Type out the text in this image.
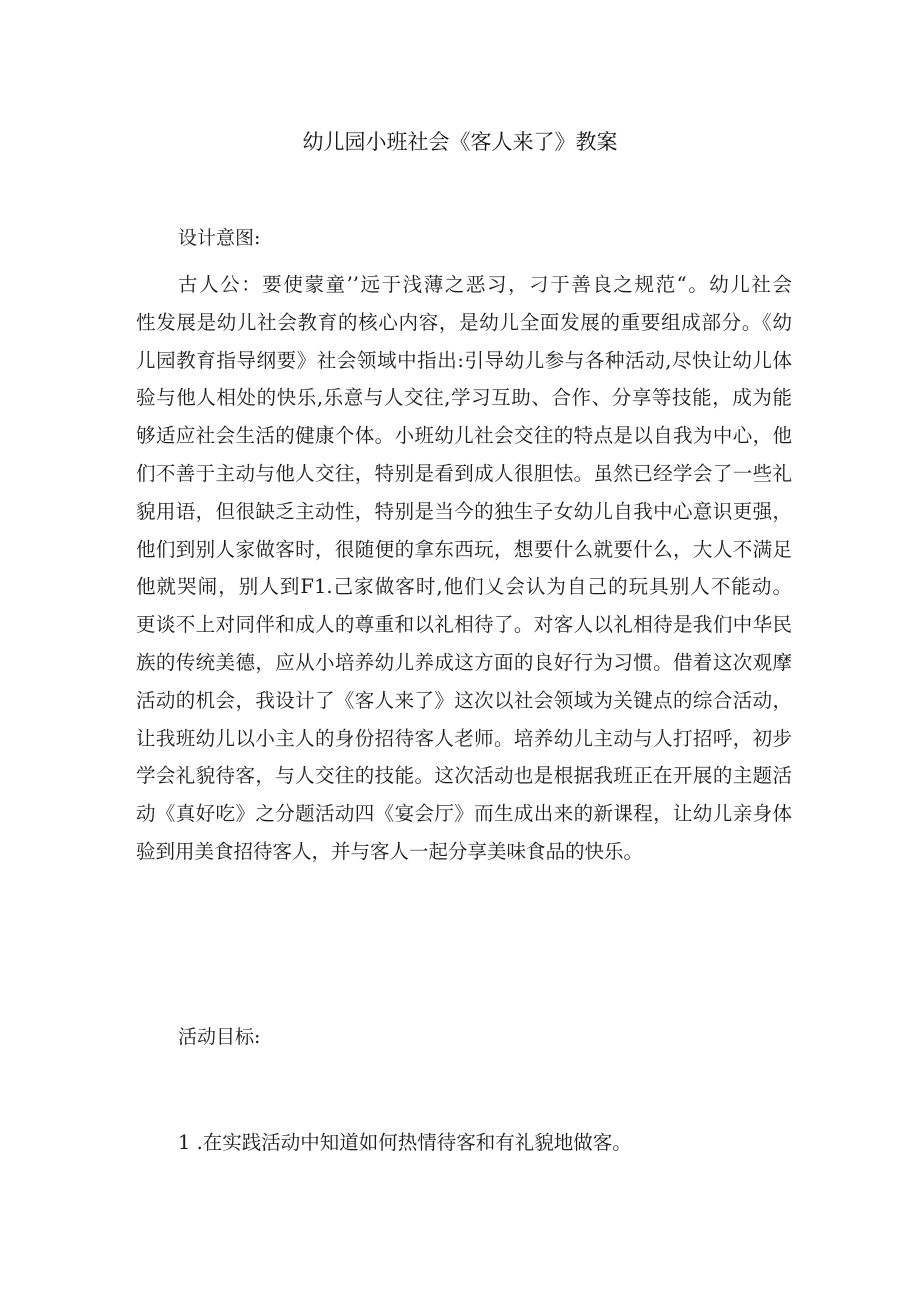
幼儿园小班社会《客人来了》教案
设计意图:
古人公：要使蒙童’’远于浅薄之恶习，刁于善良之规范“。幼儿社会
性发展是幼儿社会教育的核心内容，是幼儿全面发展的重要组成部分。《幼
儿园教育指导纲要》社会领域中指出:引导幼儿参与各种活动,尽快让幼儿体
验与他人相处的快乐,乐意与人交往,学习互助、合作、分享等技能，成为能
够适应社会生活的健康个体。小班幼儿社会交往的特点是以自我为中心，他
们不善于主动与他人交往，特别是看到成人很胆怯。虽然已经学会了一些礼
貌用语，但很缺乏主动性，特别是当今的独生子女幼儿自我中心意识更强，
他们到别人家做客时，很随便的拿东西玩，想要什么就要什么，大人不满足
他就哭闹，别人到F1.己家做客时,他们乂会认为自己的玩具别人不能动。
更谈不上对同伴和成人的尊重和以礼相待了。对客人以礼相待是我们中华民
族的传统美德，应从小培养幼儿养成这方面的良好行为习惯。借着这次观摩
活动的机会，我设计了《客人来了》这次以社会领域为关键点的综合活动，
让我班幼儿以小主人的身份招待客人老师。培养幼儿主动与人打招呼，初步
学会礼貌待客，与人交往的技能。这次活动也是根据我班正在开展的主题活
动《真好吃》之分题活动四《宴会厅》而生成出来的新课程，让幼儿亲身体
验到用美食招待客人，并与客人一起分享美味食品的快乐。
活动目标:
1 .在实践活动中知道如何热情待客和有礼貌地做客。
